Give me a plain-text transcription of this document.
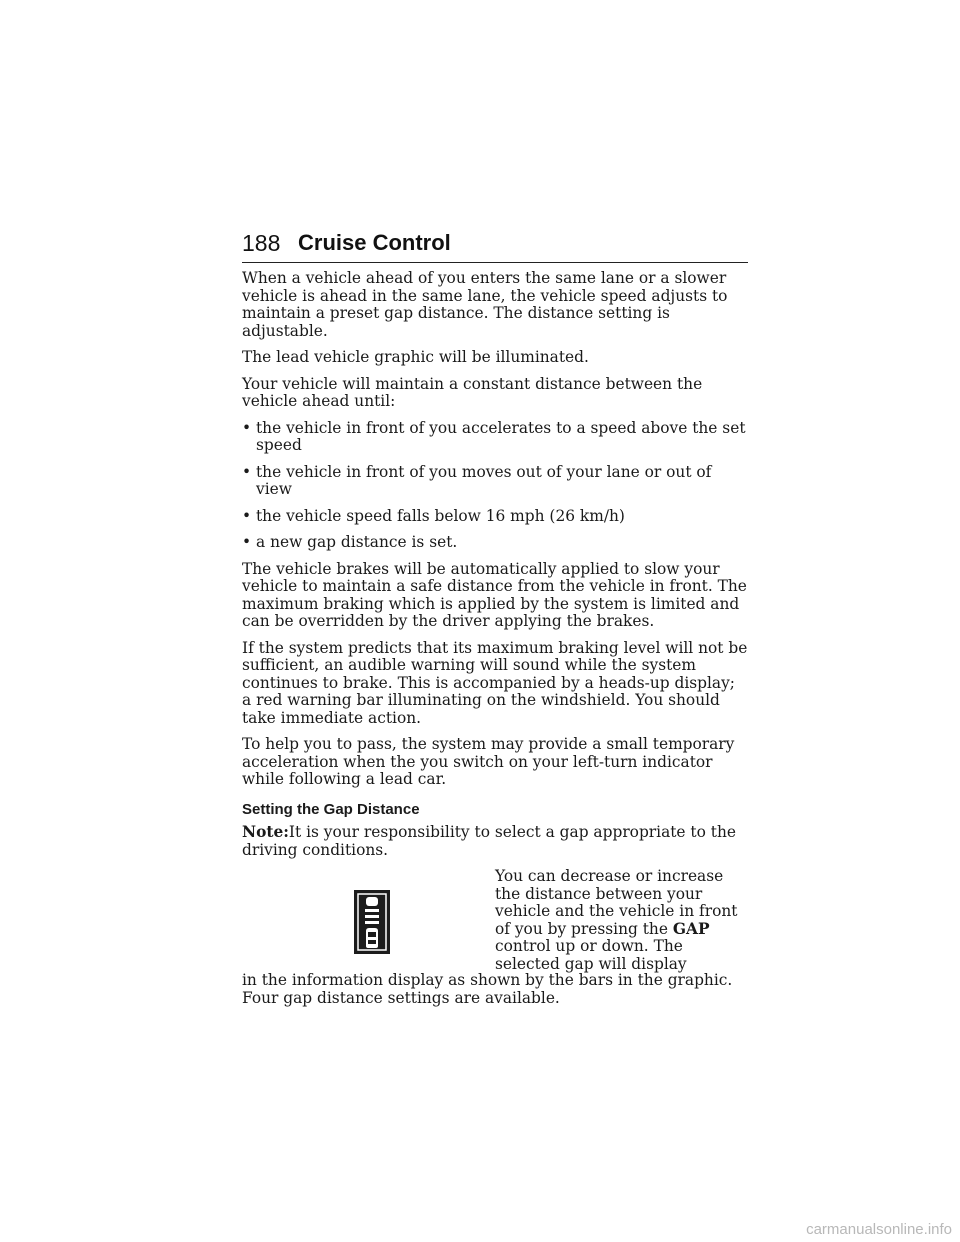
188 Cruise Control

When a vehicle ahead of you enters the same lane or a slower vehicle is ahead in the same lane, the vehicle speed adjusts to maintain a preset gap distance. The distance setting is adjustable.

The lead vehicle graphic will be illuminated.

Your vehicle will maintain a constant distance between the vehicle ahead until:

• the vehicle in front of you accelerates to a speed above the set speed
• the vehicle in front of you moves out of your lane or out of view
• the vehicle speed falls below 16 mph (26 km/h)
• a new gap distance is set.

The vehicle brakes will be automatically applied to slow your vehicle to maintain a safe distance from the vehicle in front. The maximum braking which is applied by the system is limited and can be overridden by the driver applying the brakes.

If the system predicts that its maximum braking level will not be sufficient, an audible warning will sound while the system continues to brake. This is accompanied by a heads-up display; a red warning bar illuminating on the windshield. You should take immediate action.

To help you to pass, the system may provide a small temporary acceleration when the you switch on your left-turn indicator while following a lead car.

Setting the Gap Distance

Note:It is your responsibility to select a gap appropriate to the driving conditions.

You can decrease or increase the distance between your vehicle and the vehicle in front of you by pressing the GAP control up or down. The selected gap will display

in the information display as shown by the bars in the graphic. Four gap distance settings are available.

carmanualsonline.info
